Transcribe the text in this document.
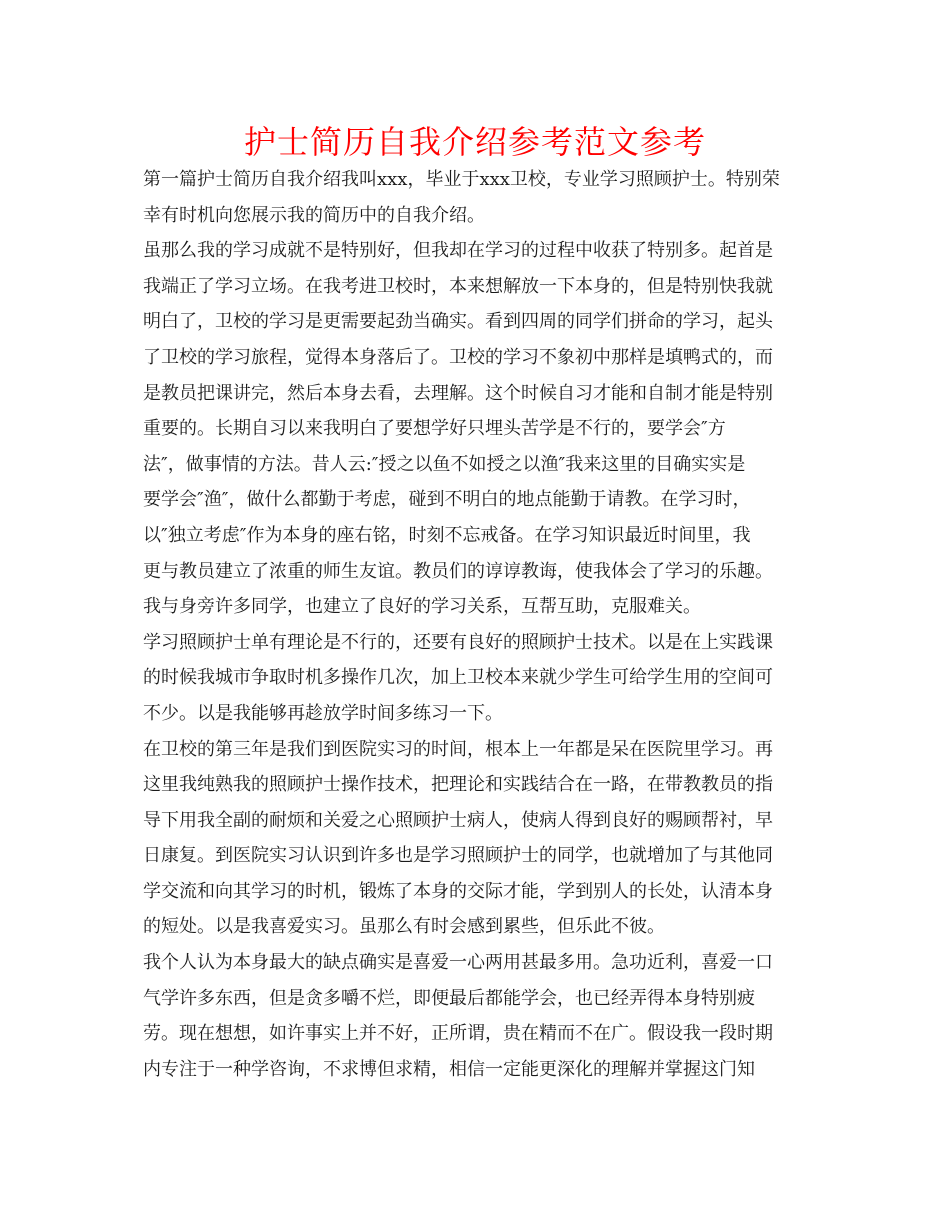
护士简历自我介绍参考范文参考
第一篇护士简历自我介绍我叫xxx，毕业于xxx卫校，专业学习照顾护士。特别荣
幸有时机向您展示我的简历中的自我介绍。
虽那么我的学习成就不是特别好，但我却在学习的过程中收获了特别多。起首是
我端正了学习立场。在我考进卫校时，本来想解放一下本身的，但是特别快我就
明白了，卫校的学习是更需要起劲当确实。看到四周的同学们拼命的学习，起头
了卫校的学习旅程，觉得本身落后了。卫校的学习不象初中那样是填鸭式的，而
是教员把课讲完，然后本身去看，去理解。这个时候自习才能和自制才能是特别
重要的。长期自习以来我明白了要想学好只埋头苦学是不行的，要学会″方
法″，做事情的方法。昔人云:″授之以鱼不如授之以渔″我来这里的目确实实是
要学会″渔″，做什么都勤于考虑，碰到不明白的地点能勤于请教。在学习时，
以″独立考虑″作为本身的座右铭，时刻不忘戒备。在学习知识最近时间里，我
更与教员建立了浓重的师生友谊。教员们的谆谆教诲，使我体会了学习的乐趣。
我与身旁许多同学，也建立了良好的学习关系，互帮互助，克服难关。
学习照顾护士单有理论是不行的，还要有良好的照顾护士技术。以是在上实践课
的时候我城市争取时机多操作几次，加上卫校本来就少学生可给学生用的空间可
不少。以是我能够再趁放学时间多练习一下。
在卫校的第三年是我们到医院实习的时间，根本上一年都是呆在医院里学习。再
这里我纯熟我的照顾护士操作技术，把理论和实践结合在一路，在带教教员的指
导下用我全副的耐烦和关爱之心照顾护士病人，使病人得到良好的赐顾帮衬，早
日康复。到医院实习认识到许多也是学习照顾护士的同学，也就增加了与其他同
学交流和向其学习的时机，锻炼了本身的交际才能，学到别人的长处，认清本身
的短处。以是我喜爱实习。虽那么有时会感到累些，但乐此不彼。
我个人认为本身最大的缺点确实是喜爱一心两用甚最多用。急功近利，喜爱一口
气学许多东西，但是贪多嚼不烂，即便最后都能学会，也已经弄得本身特别疲
劳。现在想想，如许事实上并不好，正所谓，贵在精而不在广。假设我一段时期
内专注于一种学咨询，不求博但求精，相信一定能更深化的理解并掌握这门知
